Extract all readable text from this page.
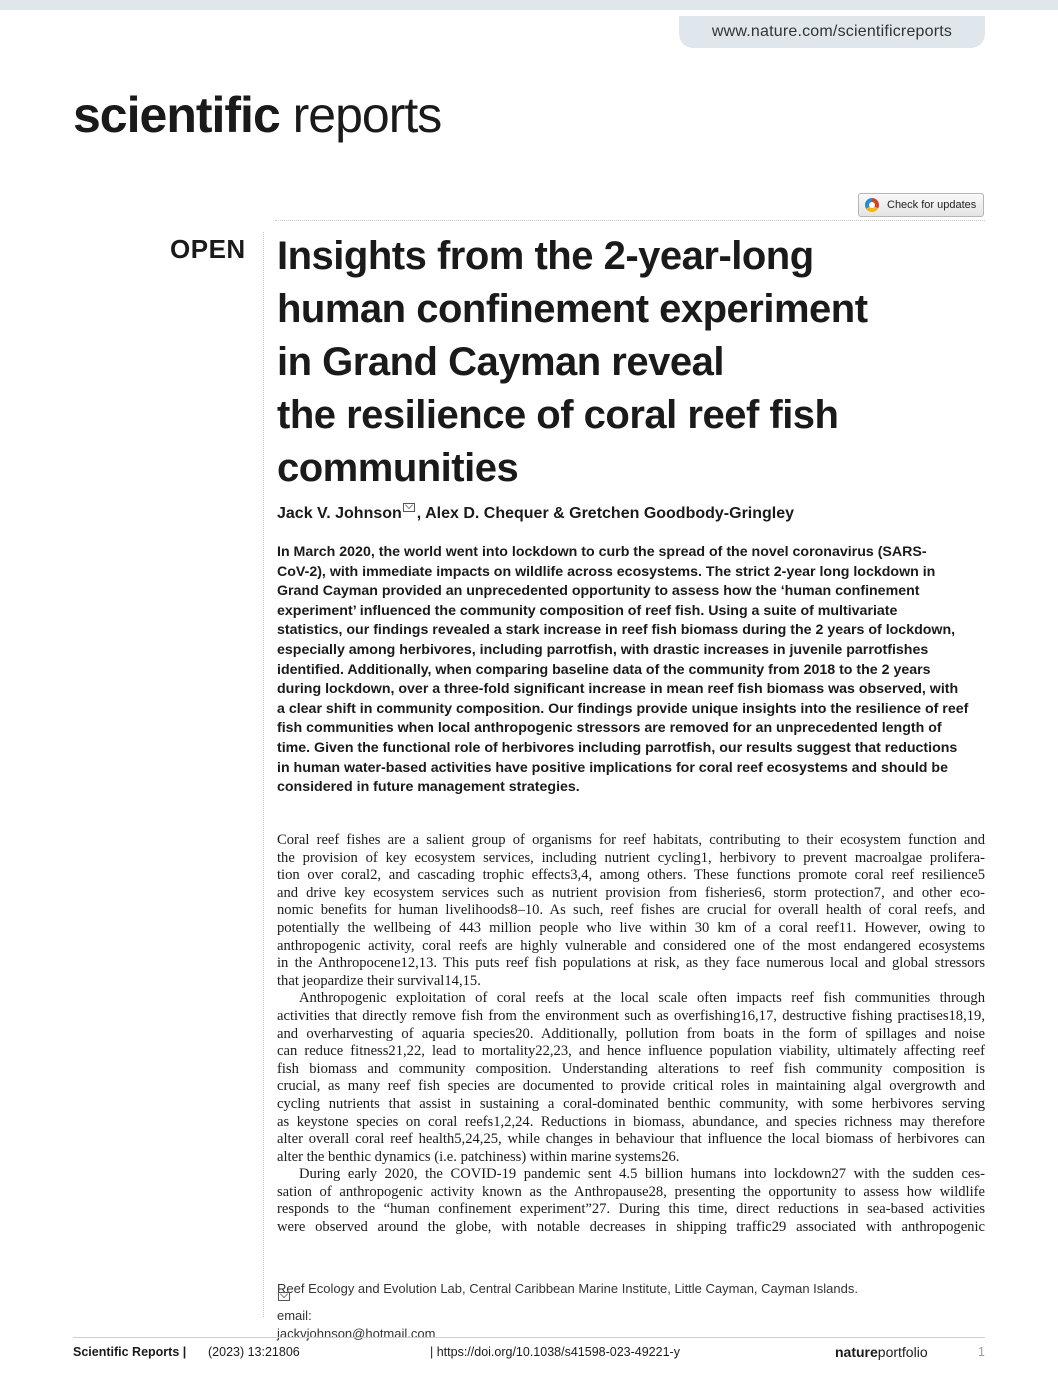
www.nature.com/scientificreports
scientific reports
Check for updates
OPEN Insights from the 2-year-long
human confinement experiment
in Grand Cayman reveal
the resilience of coral reef fish
communities
Jack V. Johnson , Alex D. Chequer & Gretchen Goodbody-Gringley
In March 2020, the world went into lockdown to curb the spread of the novel coronavirus (SARS-
CoV-2), with immediate impacts on wildlife across ecosystems. The strict 2-year long lockdown in
Grand Cayman provided an unprecedented opportunity to assess how the ‘human confinement
experiment’ influenced the community composition of reef fish. Using a suite of multivariate
statistics, our findings revealed a stark increase in reef fish biomass during the 2 years of lockdown,
especially among herbivores, including parrotfish, with drastic increases in juvenile parrotfishes
identified. Additionally, when comparing baseline data of the community from 2018 to the 2 years
during lockdown, over a three-fold significant increase in mean reef fish biomass was observed, with
a clear shift in community composition. Our findings provide unique insights into the resilience of reef
fish communities when local anthropogenic stressors are removed for an unprecedented length of
time. Given the functional role of herbivores including parrotfish, our results suggest that reductions
in human water-based activities have positive implications for coral reef ecosystems and should be
considered in future management strategies.
Coral reef fishes are a salient group of organisms for reef habitats, contributing to their ecosystem function and
the provision of key ecosystem services, including nutrient cycling1, herbivory to prevent macroalgae prolifera-
tion over coral2, and cascading trophic effects3,4, among others. These functions promote coral reef resilience5
and drive key ecosystem services such as nutrient provision from fisheries6, storm protection7, and other eco-
nomic benefits for human livelihoods8–10. As such, reef fishes are crucial for overall health of coral reefs, and
potentially the wellbeing of 443 million people who live within 30 km of a coral reef11. However, owing to
anthropogenic activity, coral reefs are highly vulnerable and considered one of the most endangered ecosystems
in the Anthropocene12,13. This puts reef fish populations at risk, as they face numerous local and global stressors
that jeopardize their survival14,15.
Anthropogenic exploitation of coral reefs at the local scale often impacts reef fish communities through
activities that directly remove fish from the environment such as overfishing16,17, destructive fishing practises18,19,
and overharvesting of aquaria species20. Additionally, pollution from boats in the form of spillages and noise
can reduce fitness21,22, lead to mortality22,23, and hence influence population viability, ultimately affecting reef
fish biomass and community composition. Understanding alterations to reef fish community composition is
crucial, as many reef fish species are documented to provide critical roles in maintaining algal overgrowth and
cycling nutrients that assist in sustaining a coral-dominated benthic community, with some herbivores serving
as keystone species on coral reefs1,2,24. Reductions in biomass, abundance, and species richness may therefore
alter overall coral reef health5,24,25, while changes in behaviour that influence the local biomass of herbivores can
alter the benthic dynamics (i.e. patchiness) within marine systems26.
During early 2020, the COVID-19 pandemic sent 4.5 billion humans into lockdown27 with the sudden ces-
sation of anthropogenic activity known as the Anthropause28, presenting the opportunity to assess how wildlife
responds to the “human confinement experiment”27. During this time, direct reductions in sea-based activities
were observed around the globe, with notable decreases in shipping traffic29 associated with anthropogenic
Reef Ecology and Evolution Lab, Central Caribbean Marine Institute, Little Cayman, Cayman Islands.
email:
jackvjohnson@hotmail.com
Scientific Reports | (2023) 13:21806	| https://doi.org/10.1038/s41598-023-49221-y	natureportfolio	1
